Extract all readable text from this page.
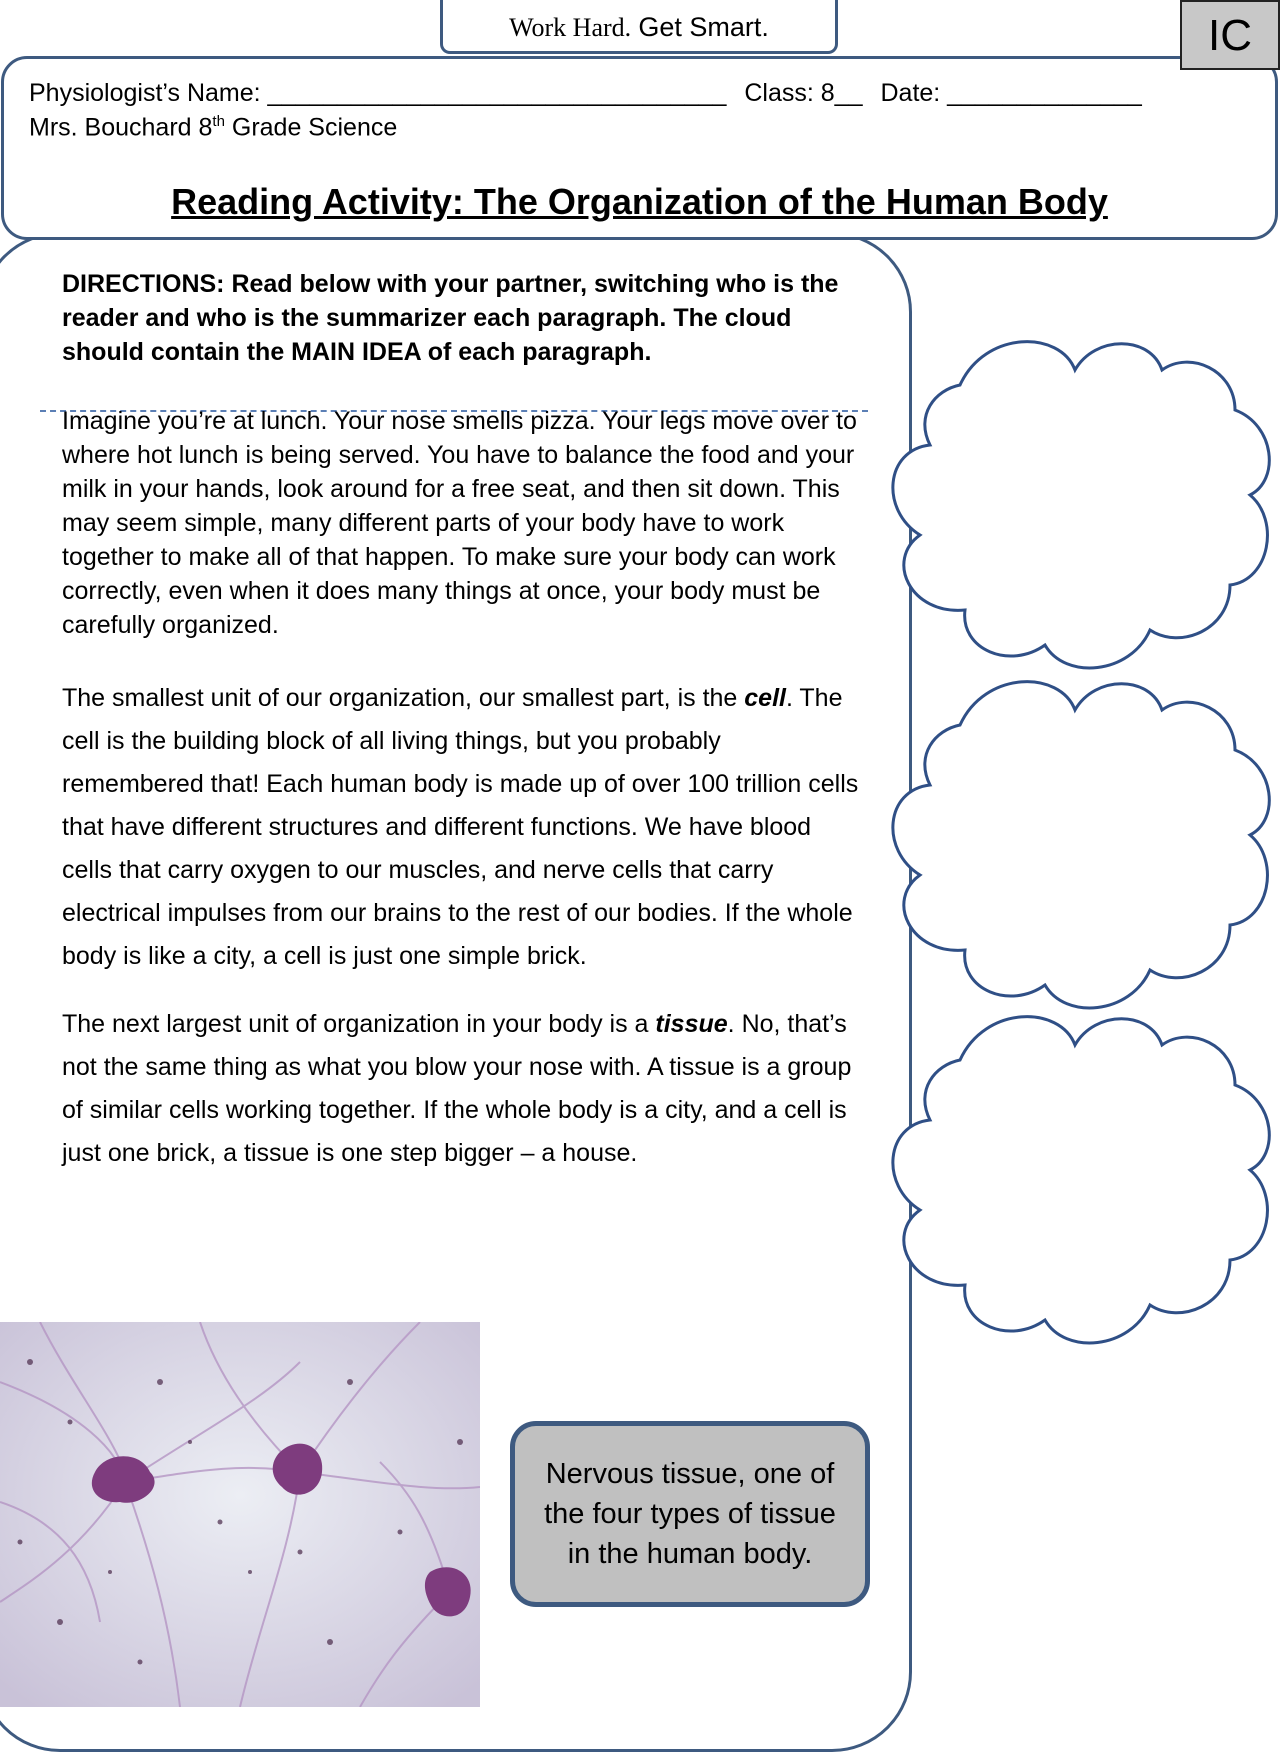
Work Hard. Get Smart.	IC
Physiologist’s Name: _________________________________ Class: 8__ Date: ______________
Mrs. Bouchard 8th Grade Science
Reading Activity: The Organization of the Human Body
DIRECTIONS: Read below with your partner, switching who is the reader and who is the summarizer each paragraph. The cloud should contain the MAIN IDEA of each paragraph.
Imagine you’re at lunch. Your nose smells pizza. Your legs move over to where hot lunch is being served. You have to balance the food and your milk in your hands, look around for a free seat, and then sit down. This may seem simple, many different parts of your body have to work together to make all of that happen. To make sure your body can work correctly, even when it does many things at once, your body must be carefully organized.
The smallest unit of our organization, our smallest part, is the cell. The cell is the building block of all living things, but you probably remembered that! Each human body is made up of over 100 trillion cells that have different structures and different functions. We have blood cells that carry oxygen to our muscles, and nerve cells that carry electrical impulses from our brains to the rest of our bodies. If the whole body is like a city, a cell is just one simple brick.
The next largest unit of organization in your body is a tissue. No, that’s not the same thing as what you blow your nose with. A tissue is a group of similar cells working together. If the whole body is a city, and a cell is just one brick, a tissue is one step bigger – a house.
Nervous tissue, one of the four types of tissue in the human body.
